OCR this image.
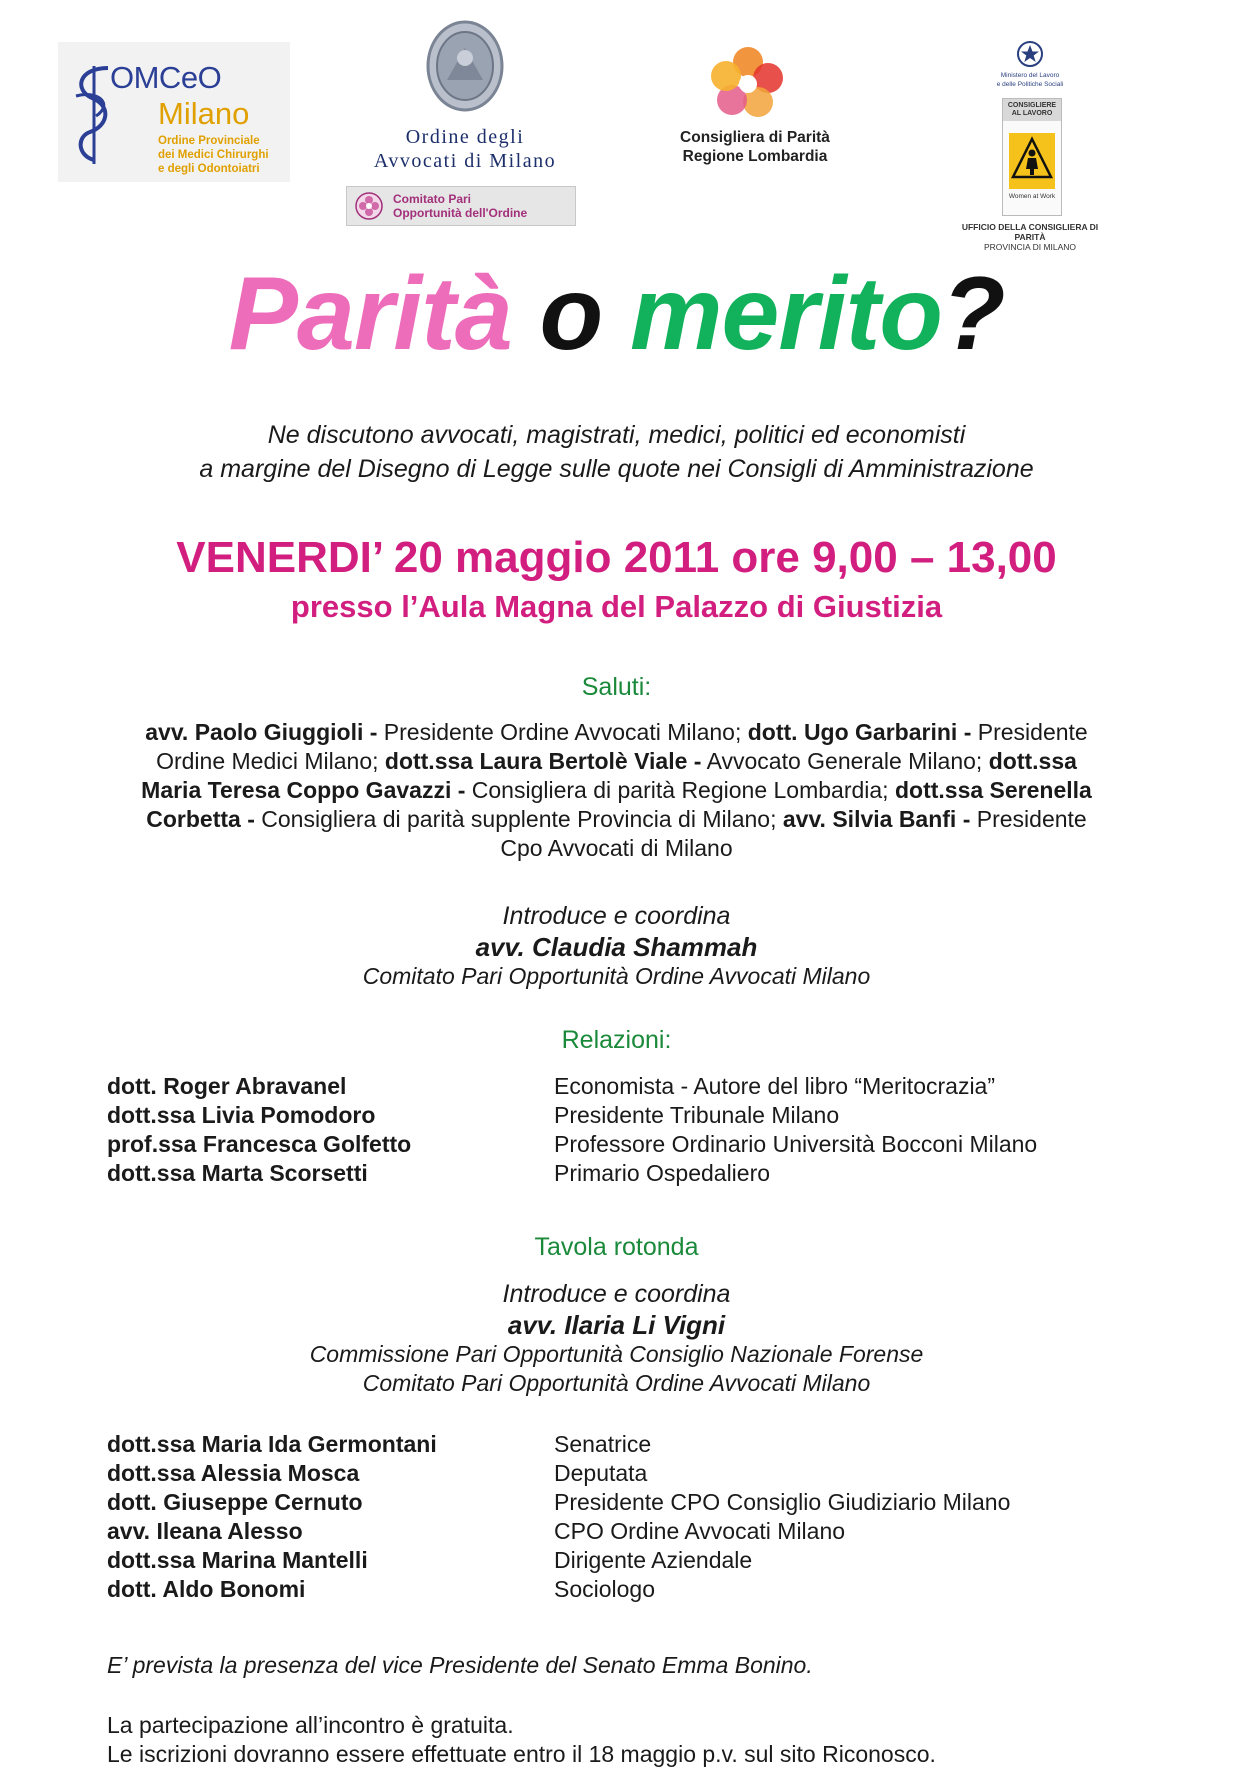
OMCeO
Milano
Ordine Provinciale
dei Medici Chirurghi
e degli Odontoiatri
Ordine degli
Avvocati di Milano
Comitato Pari
Opportunità dell'Ordine
Consigliera di Parità
Regione Lombardia
Ministero del Lavoro
e delle Politiche Sociali
CONSIGLIERE
AL LAVORO
Women at Work
UFFICIO DELLA CONSIGLIERA DI PARITÀ
PROVINCIA DI MILANO
Parità o merito?
Ne discutono avvocati, magistrati, medici, politici ed economisti
a margine del Disegno di Legge sulle quote nei Consigli di Amministrazione
VENERDI’ 20 maggio 2011 ore 9,00 – 13,00
presso l’Aula Magna del Palazzo di Giustizia
Saluti:
avv. Paolo Giuggioli - Presidente Ordine Avvocati Milano; dott. Ugo Garbarini - Presidente Ordine Medici Milano; dott.ssa Laura Bertolè Viale - Avvocato Generale Milano; dott.ssa Maria Teresa Coppo Gavazzi - Consigliera di parità Regione Lombardia; dott.ssa Serenella Corbetta - Consigliera di parità supplente Provincia di Milano; avv. Silvia Banfi - Presidente Cpo Avvocati di Milano
Introduce e coordina
avv. Claudia Shammah
Comitato Pari Opportunità Ordine Avvocati Milano
Relazioni:
dott. Roger Abravanel	Economista - Autore del libro “Meritocrazia”
dott.ssa Livia Pomodoro	Presidente Tribunale Milano
prof.ssa Francesca Golfetto	Professore Ordinario Università Bocconi Milano
dott.ssa Marta Scorsetti	Primario Ospedaliero
Tavola rotonda
Introduce e coordina
avv. Ilaria Li Vigni
Commissione Pari Opportunità Consiglio Nazionale Forense
Comitato Pari Opportunità Ordine Avvocati Milano
dott.ssa Maria Ida Germontani	Senatrice
dott.ssa Alessia Mosca	Deputata
dott. Giuseppe Cernuto	Presidente CPO Consiglio Giudiziario Milano
avv. Ileana Alesso	CPO Ordine Avvocati Milano
dott.ssa Marina Mantelli	Dirigente Aziendale
dott. Aldo Bonomi	Sociologo
E’ prevista la presenza del vice Presidente del Senato Emma Bonino.
La partecipazione all’incontro è gratuita.
Le iscrizioni dovranno essere effettuate entro il 18 maggio p.v. sul sito Riconosco.
